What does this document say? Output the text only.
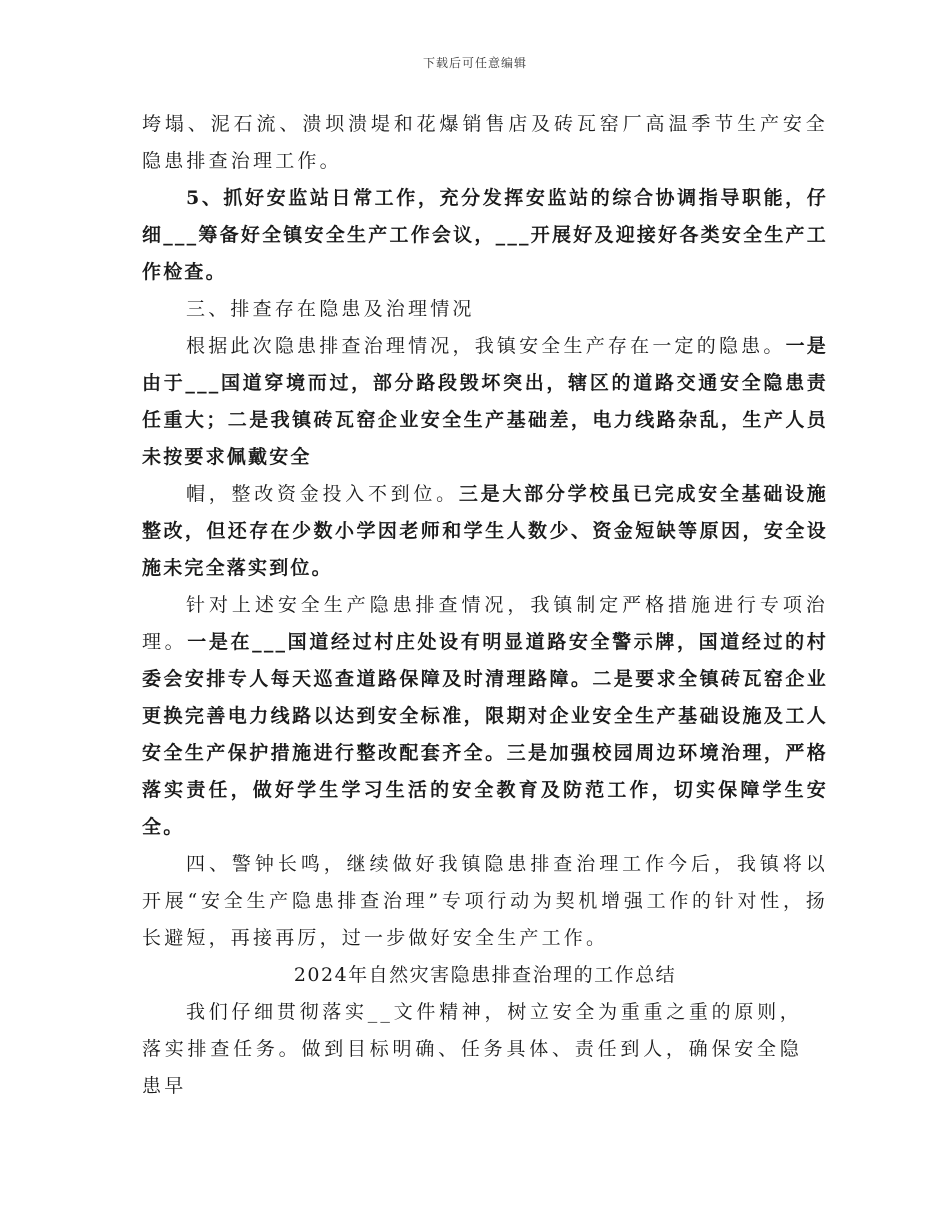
下载后可任意编辑

垮塌、泥石流、溃坝溃堤和花爆销售店及砖瓦窑厂高温季节生产安全隐患排查治理工作。

5、抓好安监站日常工作，充分发挥安监站的综合协调指导职能，仔细___筹备好全镇安全生产工作会议，___开展好及迎接好各类安全生产工作检查。

三、排查存在隐患及治理情况

根据此次隐患排查治理情况，我镇安全生产存在一定的隐患。一是由于___国道穿境而过，部分路段毁坏突出，辖区的道路交通安全隐患责任重大；二是我镇砖瓦窑企业安全生产基础差，电力线路杂乱，生产人员未按要求佩戴安全

帽，整改资金投入不到位。三是大部分学校虽已完成安全基础设施整改，但还存在少数小学因老师和学生人数少、资金短缺等原因，安全设施未完全落实到位。

针对上述安全生产隐患排查情况，我镇制定严格措施进行专项治理。一是在___国道经过村庄处设有明显道路安全警示牌，国道经过的村委会安排专人每天巡查道路保障及时清理路障。二是要求全镇砖瓦窑企业更换完善电力线路以达到安全标准，限期对企业安全生产基础设施及工人安全生产保护措施进行整改配套齐全。三是加强校园周边环境治理，严格落实责任，做好学生学习生活的安全教育及防范工作，切实保障学生安全。

四、警钟长鸣，继续做好我镇隐患排查治理工作今后，我镇将以开展“安全生产隐患排查治理”专项行动为契机增强工作的针对性，扬长避短，再接再厉，过一步做好安全生产工作。

2024年自然灾害隐患排查治理的工作总结

我们仔细贯彻落实__文件精神，树立安全为重重之重的原则，落实排查任务。做到目标明确、任务具体、责任到人，确保安全隐患早
